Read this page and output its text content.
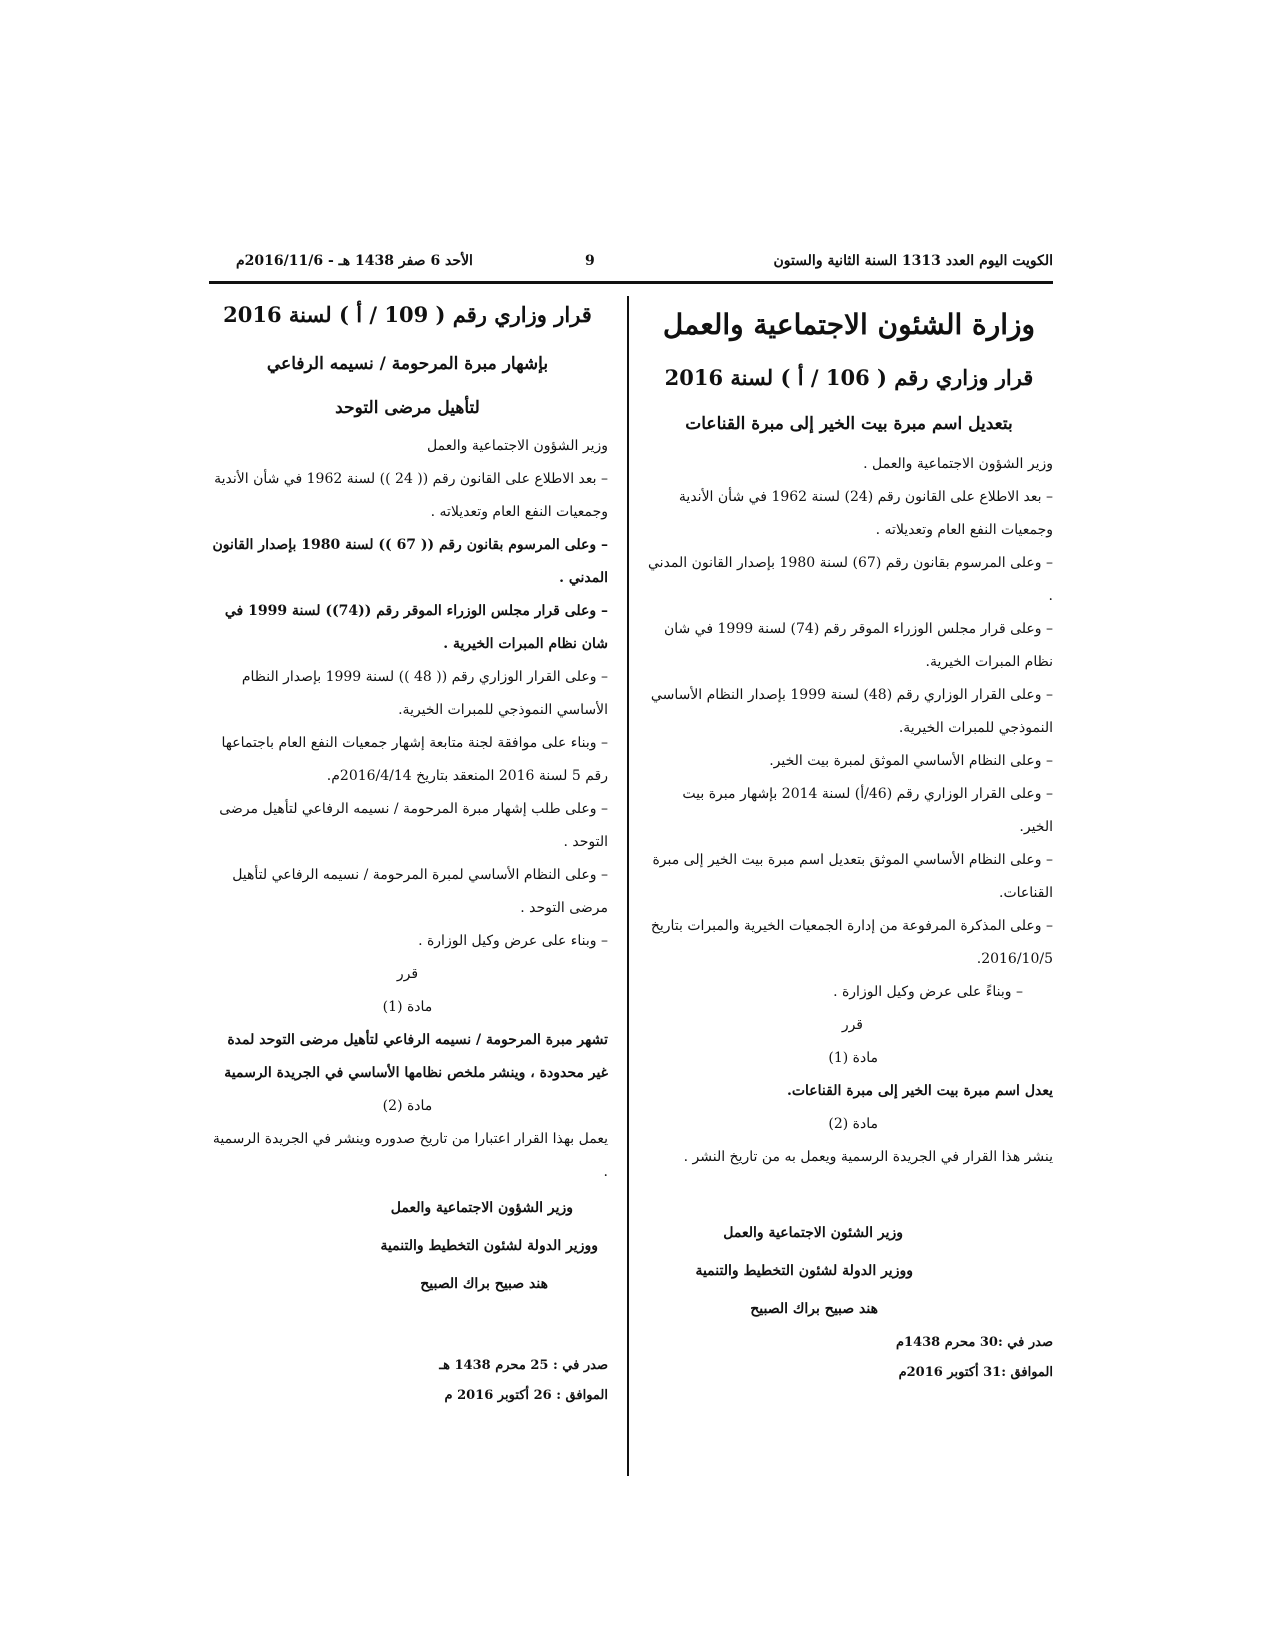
الكويت اليوم العدد 1313 السنة الثانية والستون
9
الأحد 6 صفر 1438 هـ - 2016/11/6م

وزارة الشئون الاجتماعية والعمل

قرار وزاري رقم ( 106 / أ ) لسنة 2016

بتعديل اسم مبرة بيت الخير إلى مبرة القناعات

وزير الشؤون الاجتماعية والعمل .

– بعد الاطلاع على القانون رقم (24) لسنة 1962 في شأن الأندية وجمعيات النفع العام وتعديلاته .

– وعلى المرسوم بقانون رقم (67) لسنة 1980 بإصدار القانون المدني .

– وعلى قرار مجلس الوزراء الموقر رقم (74) لسنة 1999 في شان نظام المبرات الخيرية.

– وعلى القرار الوزاري رقم (48) لسنة 1999 بإصدار النظام الأساسي النموذجي للمبرات الخيرية.

– وعلى النظام الأساسي الموثق لمبرة بيت الخير.

– وعلى القرار الوزاري رقم (46/أ) لسنة 2014 بإشهار مبرة بيت الخير.

– وعلى النظام الأساسي الموثق بتعديل اسم مبرة بيت الخير إلى مبرة القناعات.

– وعلى المذكرة المرفوعة من إدارة الجمعيات الخيرية والمبرات بتاريخ 2016/10/5.

– وبناءً على عرض وكيل الوزارة .

قرر

مادة (1)

يعدل اسم مبرة بيت الخير إلى مبرة القناعات.

مادة (2)

ينشر هذا القرار في الجريدة الرسمية ويعمل به من تاريخ النشر .

وزير الشئون الاجتماعية والعمل

ووزير الدولة لشئون التخطيط والتنمية

هند صبيح براك الصبيح

صدر في :30 محرم 1438م

الموافق :31 أكتوبر 2016م

قرار وزاري رقم ( 109 / أ ) لسنة 2016

بإشهار مبرة المرحومة / نسيمه الرفاعي

لتأهيل مرضى التوحد

وزير الشؤون الاجتماعية والعمل

– بعد الاطلاع على القانون رقم (( 24 )) لسنة 1962 في شأن الأندية وجمعيات النفع العام وتعديلاته .

– وعلى المرسوم بقانون رقم (( 67 )) لسنة 1980 بإصدار القانون المدني .

– وعلى قرار مجلس الوزراء الموقر رقم ((74)) لسنة 1999 في شان نظام المبرات الخيرية .

– وعلى القرار الوزاري رقم (( 48 )) لسنة 1999 بإصدار النظام الأساسي النموذجي للمبرات الخيرية.

– وبناء على موافقة لجنة متابعة إشهار جمعيات النفع العام باجتماعها رقم 5 لسنة 2016 المنعقد بتاريخ 2016/4/14م.

– وعلى طلب إشهار مبرة المرحومة / نسيمه الرفاعي لتأهيل مرضى التوحد .

– وعلى النظام الأساسي لمبرة المرحومة / نسيمه الرفاعي لتأهيل مرضى التوحد .

– وبناء على عرض وكيل الوزارة .

قرر

مادة (1)

تشهر مبرة المرحومة / نسيمه الرفاعي لتأهيل مرضى التوحد لمدة غير محدودة ، وينشر ملخص نظامها الأساسي في الجريدة الرسمية

مادة (2)

يعمل بهذا القرار اعتبارا من تاريخ صدوره وينشر في الجريدة الرسمية .

وزير الشؤون الاجتماعية والعمل

ووزير الدولة لشئون التخطيط والتنمية

هند صبيح براك الصبيح

صدر في : 25 محرم 1438 هـ

الموافق : 26 أكتوبر 2016 م
